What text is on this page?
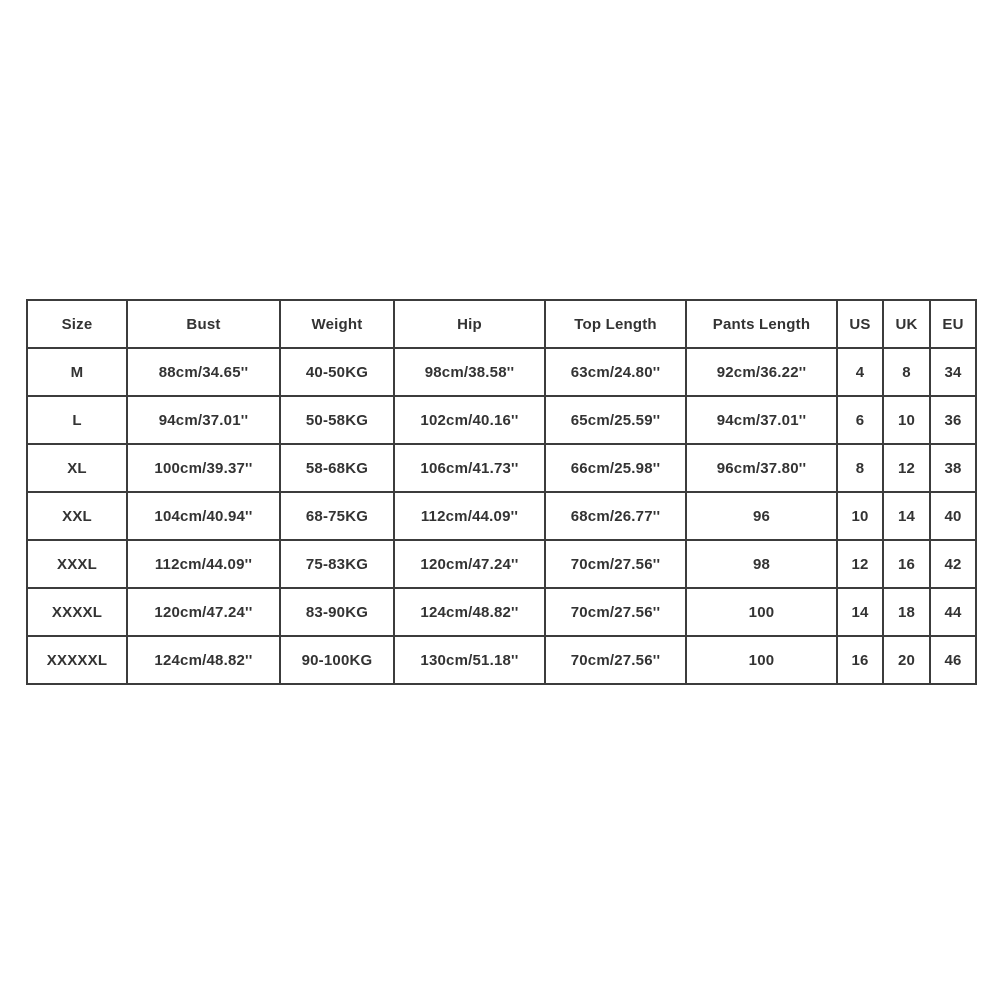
Size	Bust	Weight	Hip	Top Length	Pants Length	US	UK	EU
M	88cm/34.65''	40-50KG	98cm/38.58''	63cm/24.80''	92cm/36.22''	4	8	34
L	94cm/37.01''	50-58KG	102cm/40.16''	65cm/25.59''	94cm/37.01''	6	10	36
XL	100cm/39.37''	58-68KG	106cm/41.73''	66cm/25.98''	96cm/37.80''	8	12	38
XXL	104cm/40.94''	68-75KG	112cm/44.09''	68cm/26.77''	96	10	14	40
XXXL	112cm/44.09''	75-83KG	120cm/47.24''	70cm/27.56''	98	12	16	42
XXXXL	120cm/47.24''	83-90KG	124cm/48.82''	70cm/27.56''	100	14	18	44
XXXXXL	124cm/48.82''	90-100KG	130cm/51.18''	70cm/27.56''	100	16	20	46
